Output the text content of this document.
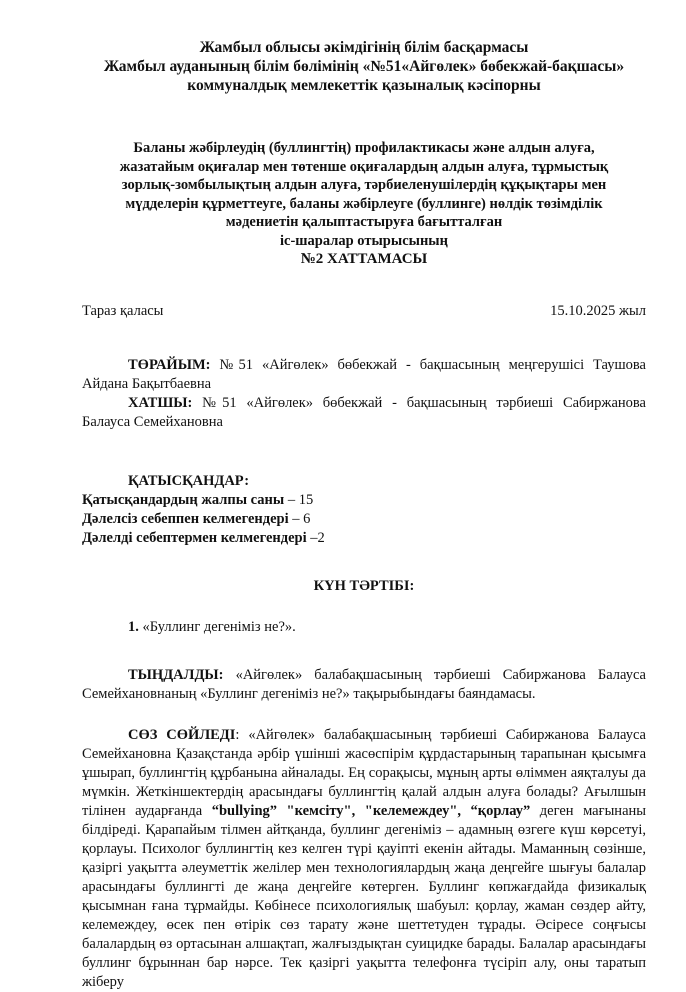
Жамбыл облысы әкімдігінің білім басқармасы
Жамбыл ауданының білім бөлімінің «№51«Айгөлек» бөбекжай-бақшасы»
коммуналдық мемлекеттік қазыналық кәсіпорны
Баланы жәбірлеудің (буллингтің) профилактикасы және алдын алуға,
жазатайым оқиғалар мен төтенше оқиғалардың алдын алуға, тұрмыстық
зорлық-зомбылықтың алдын алуға, тәрбиеленушілердің құқықтары мен
мүдделерін құрметтеуге, баланы жәбірлеуге (буллинге) нөлдік төзімділік
мәдениетін қалыптастыруға бағытталған
іс-шаралар отырысының
№2 ХАТТАМАСЫ
Тараз қаласы	15.10.2025 жыл
ТӨРАЙЫМ: №51 «Айгөлек» бөбекжай - бақшасының меңгерушісі Таушова Айдана Бақытбаевна
ХАТШЫ: №51 «Айгөлек» бөбекжай - бақшасының тәрбиеші Сабиржанова Балауса Семейхановна
ҚАТЫСҚАНДАР:
Қатысқандардың жалпы саны – 15
Дәлелсіз себеппен келмегендері – 6
Дәлелді себептермен келмегендері –2
КҮН ТӘРТІБІ:
1. «Буллинг дегеніміз не?».
ТЫҢДАЛДЫ: «Айгөлек» балабақшасының тәрбиеші Сабиржанова Балауса Семейхановнаның «Буллинг дегеніміз не?» тақырыбындағы баяндамасы.
СӨЗ СӨЙЛЕДІ: «Айгөлек» балабақшасының тәрбиеші Сабиржанова Балауса Семейхановна Қазақстанда әрбір үшінші жасөспірім құрдастарының тарапынан қысымға ұшырап, буллингтің құрбанына айналады. Ең сорақысы, мұның арты өліммен аяқталуы да мүмкін. Жеткіншектердің арасындағы буллингтің қалай алдын алуға болады? Ағылшын тілінен аударғанда “bullying” "кемсіту", "келемеждеу", “қорлау” деген мағынаны білдіреді. Қарапайым тілмен айтқанда, буллинг дегеніміз – адамның өзгеге күш көрсетуі, қорлауы. Психолог буллингтің кез келген түрі қауіпті екенін айтады. Маманның сөзінше, қазіргі уақытта әлеуметтік желілер мен технологиялардың жаңа деңгейге шығуы балалар арасындағы буллингті де жаңа деңгейге көтерген. Буллинг көпжағдайда физикалық қысымнан ғана тұрмайды. Көбінесе психологиялық шабуыл: қорлау, жаман сөздер айту, келемеждеу, өсек пен өтірік сөз тарату және шеттетуден тұрады. Әсіресе соңғысы балалардың өз ортасынан алшақтап, жалғыздықтан суицидке барады. Балалар арасындағы буллинг бұрыннан бар нәрсе. Тек қазіргі уақытта телефонға түсіріп алу, оны таратып жіберу
